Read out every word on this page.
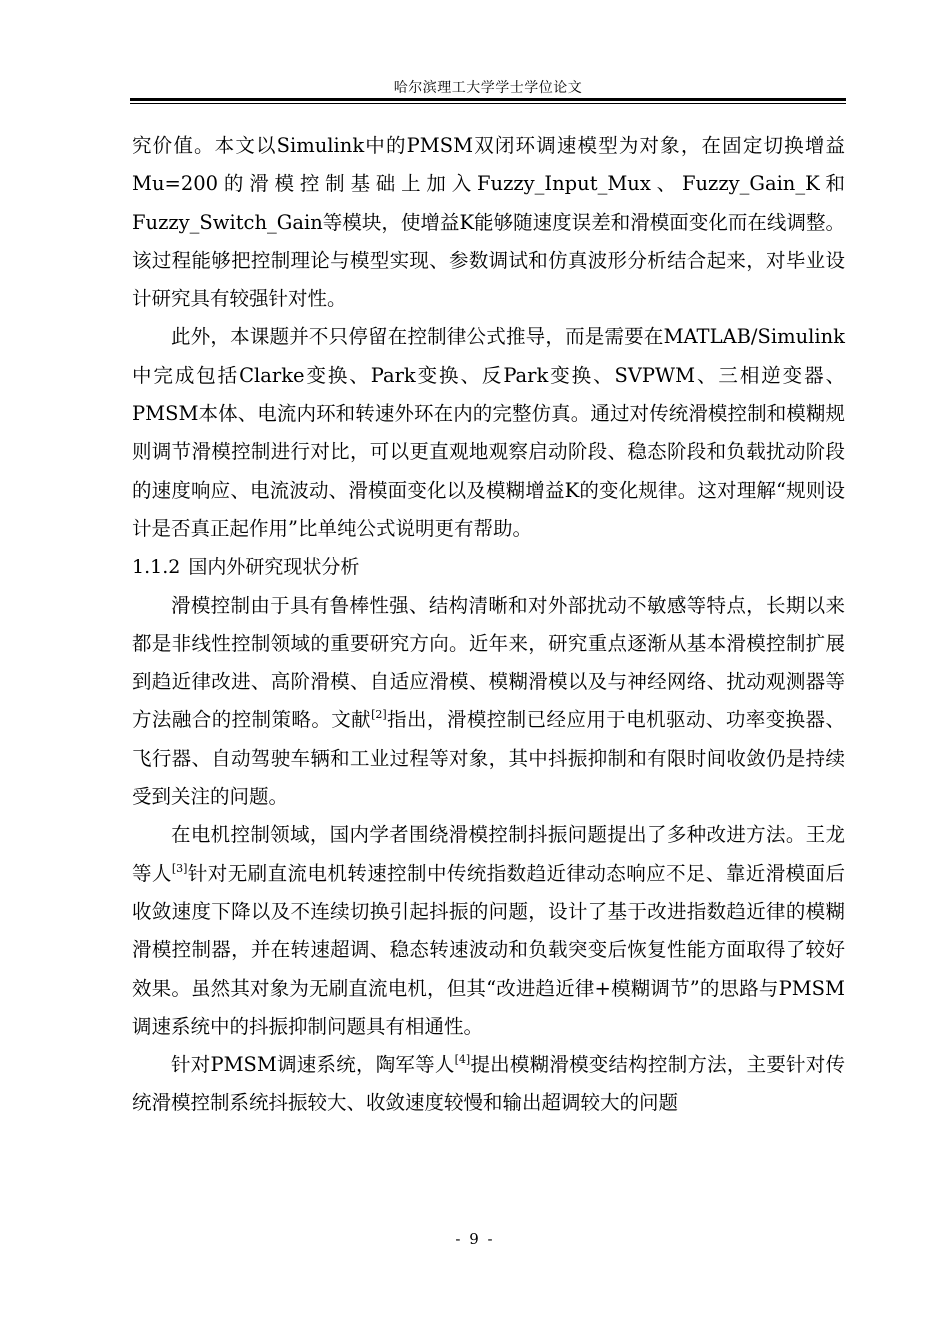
哈尔滨理工大学学士学位论文

究价值。本文以Simulink中的PMSM双闭环调速模型为对象，在固定切换增益Mu=200的滑模控制基础上加入Fuzzy_Input_Mux、Fuzzy_Gain_K和Fuzzy_Switch_Gain等模块，使增益K能够随速度误差和滑模面变化而在线调整。该过程能够把控制理论与模型实现、参数调试和仿真波形分析结合起来，对毕业设计研究具有较强针对性。

此外，本课题并不只停留在控制律公式推导，而是需要在MATLAB/Simulink中完成包括Clarke变换、Park变换、反Park变换、SVPWM、三相逆变器、PMSM本体、电流内环和转速外环在内的完整仿真。通过对传统滑模控制和模糊规则调节滑模控制进行对比，可以更直观地观察启动阶段、稳态阶段和负载扰动阶段的速度响应、电流波动、滑模面变化以及模糊增益K的变化规律。这对理解“规则设计是否真正起作用”比单纯公式说明更有帮助。

1.1.2 国内外研究现状分析

滑模控制由于具有鲁棒性强、结构清晰和对外部扰动不敏感等特点，长期以来都是非线性控制领域的重要研究方向。近年来，研究重点逐渐从基本滑模控制扩展到趋近律改进、高阶滑模、自适应滑模、模糊滑模以及与神经网络、扰动观测器等方法融合的控制策略。文献[2]指出，滑模控制已经应用于电机驱动、功率变换器、飞行器、自动驾驶车辆和工业过程等对象，其中抖振抑制和有限时间收敛仍是持续受到关注的问题。

在电机控制领域，国内学者围绕滑模控制抖振问题提出了多种改进方法。王龙等人[3]针对无刷直流电机转速控制中传统指数趋近律动态响应不足、靠近滑模面后收敛速度下降以及不连续切换引起抖振的问题，设计了基于改进指数趋近律的模糊滑模控制器，并在转速超调、稳态转速波动和负载突变后恢复性能方面取得了较好效果。虽然其对象为无刷直流电机，但其“改进趋近律+模糊调节”的思路与PMSM调速系统中的抖振抑制问题具有相通性。

针对PMSM调速系统，陶军等人[4]提出模糊滑模变结构控制方法，主要针对传统滑模控制系统抖振较大、收敛速度较慢和输出超调较大的问题

- 9 -
